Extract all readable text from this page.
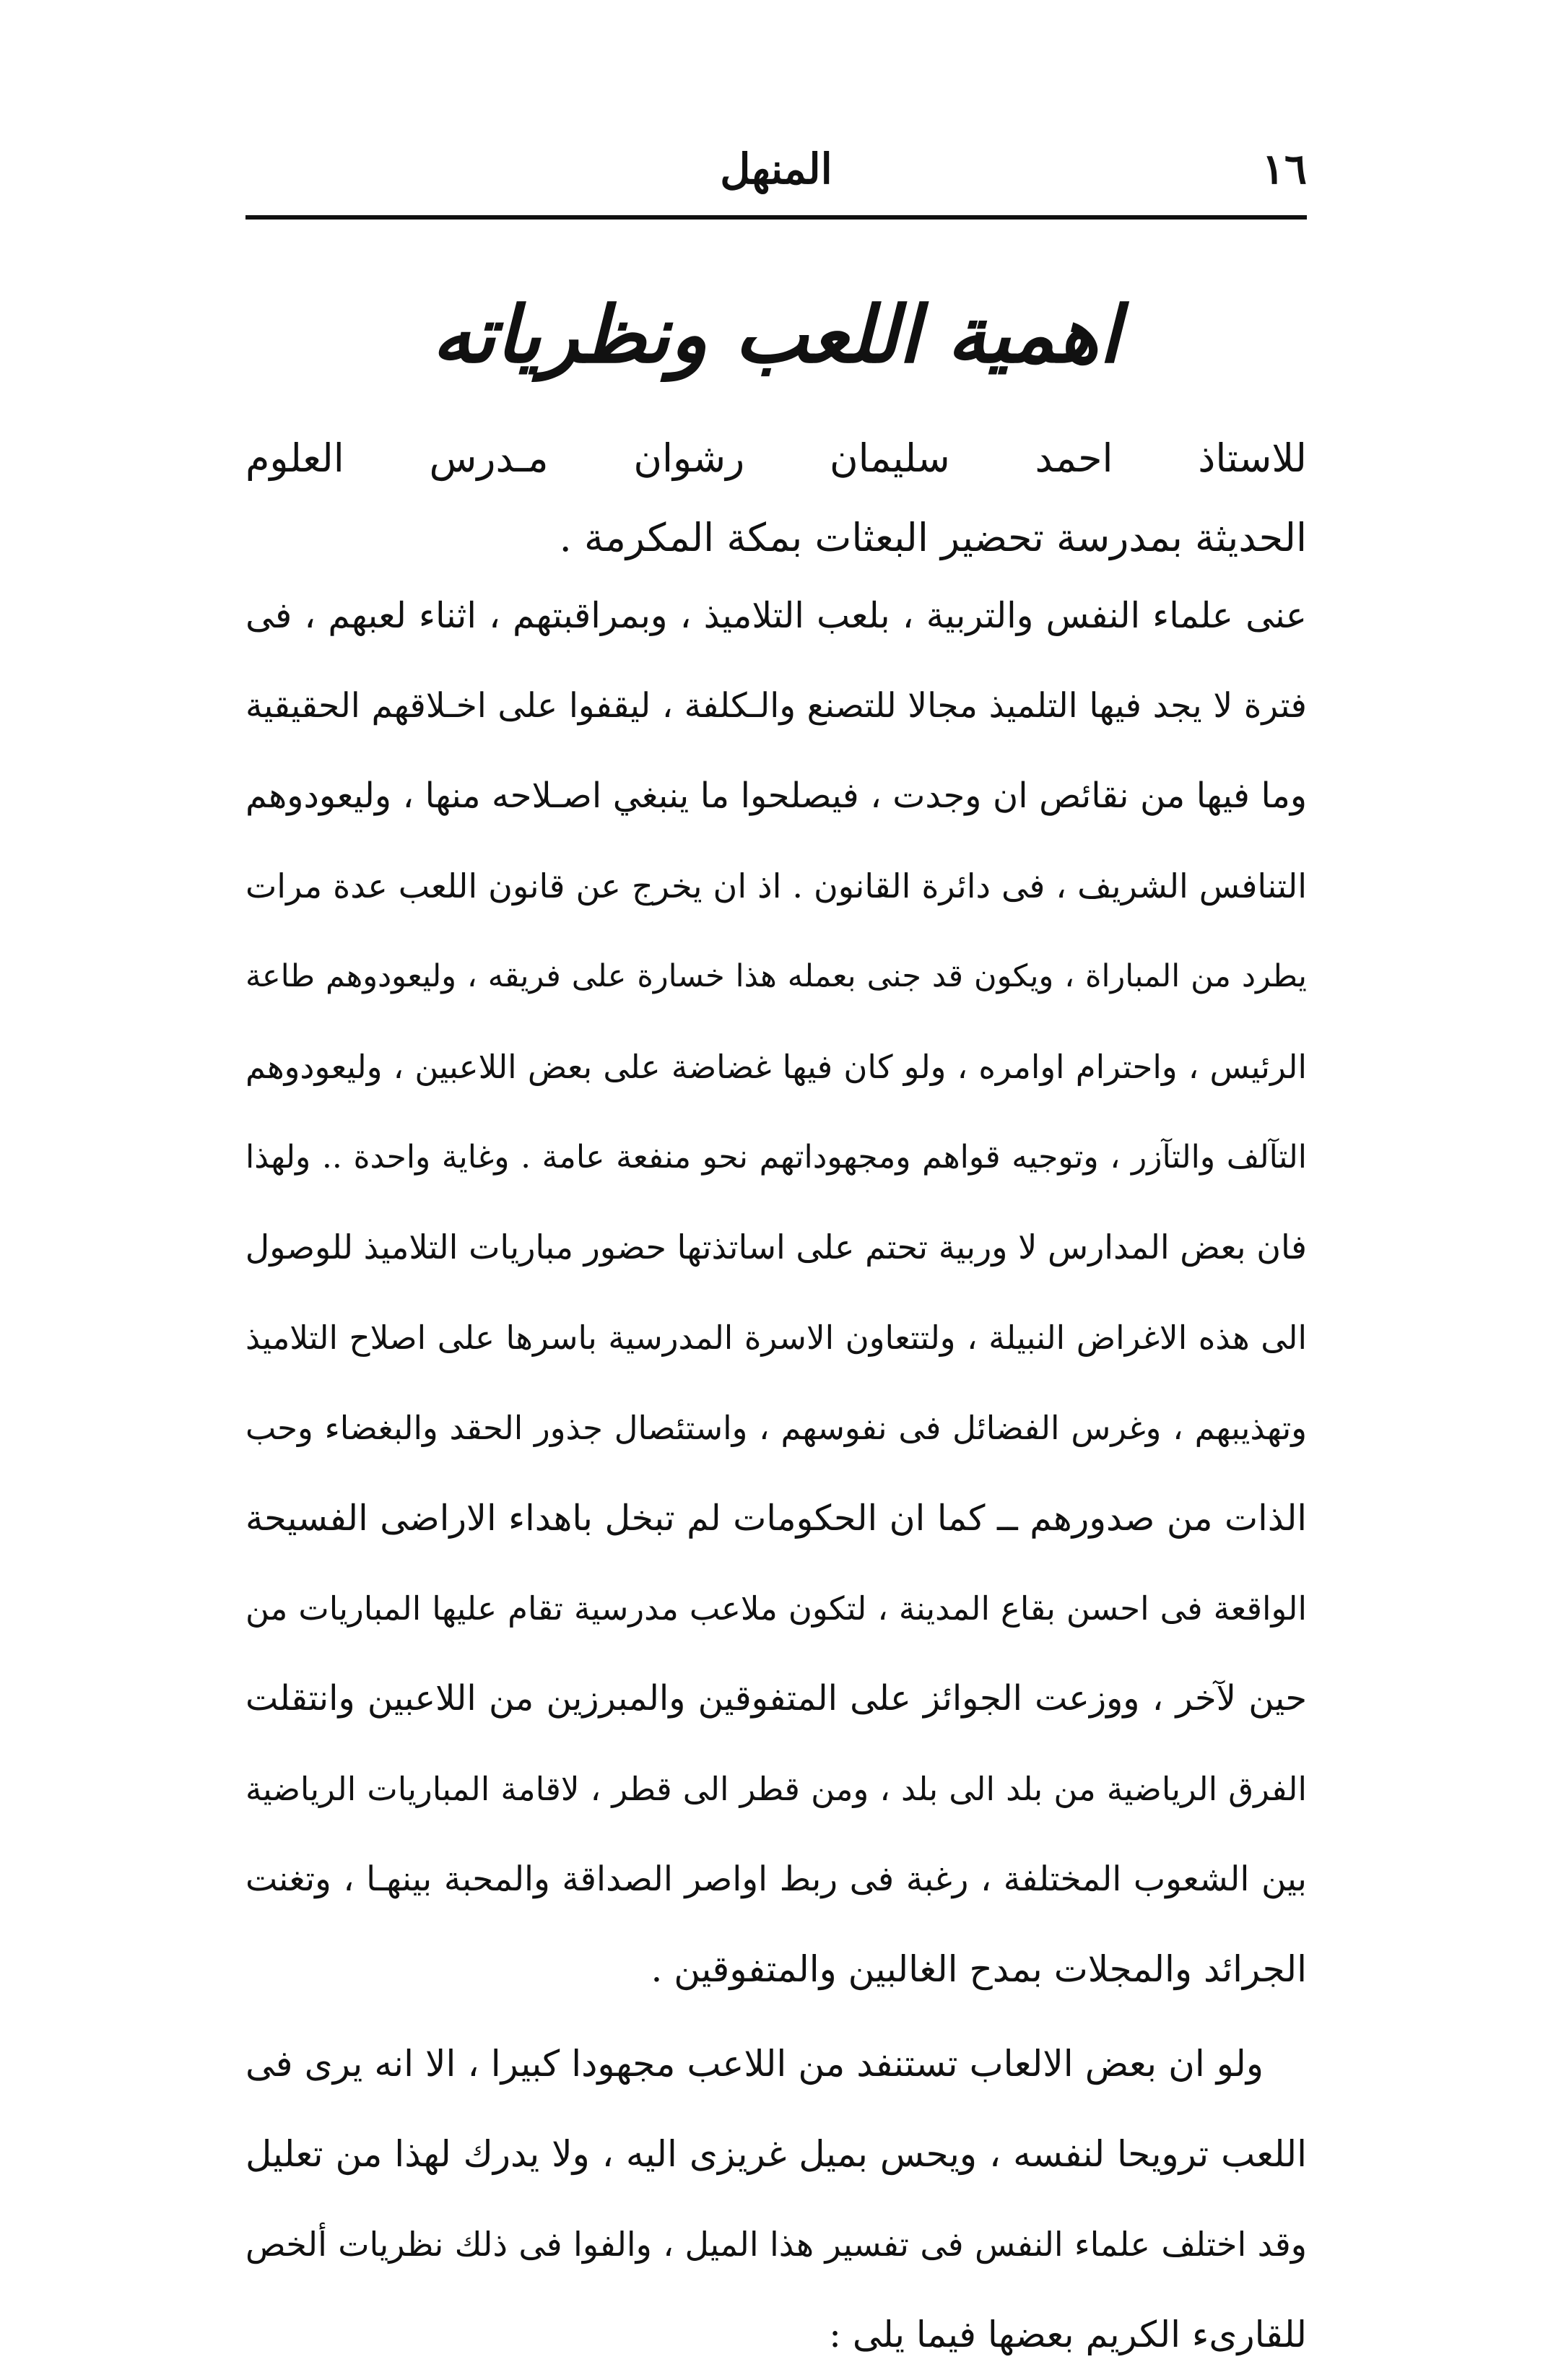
١٦
المنهل
اهمية اللعب ونظرياته
للاستاذ احمد سليمان رشوان مـدرس العلوم
الحديثة بمدرسة تحضير البعثات بمكة المكرمة .
عنى علماء النفس والتربية ، بلعب التلاميذ ، وبمراقبتهم ، اثناء لعبهم ، فى
فترة لا يجد فيها التلميذ مجالا للتصنع والـكلفة ، ليقفوا على اخـلاقهم الحقيقية
وما فيها من نقائص ان وجدت ، فيصلحوا ما ينبغي اصـلاحه منها ، وليعودوهم
التنافس الشريف ، فى دائرة القانون . اذ ان يخرج عن قانون اللعب عدة مرات
يطرد من المباراة ، ويكون قد جنى بعمله هذا خسارة على فريقه ، وليعودوهم طاعة
الرئيس ، واحترام اوامره ، ولو كان فيها غضاضة على بعض اللاعبين ، وليعودوهم
التآلف والتآزر ، وتوجيه قواهم ومجهوداتهم نحو منفعة عامة . وغاية واحدة .. ولهذا
فان بعض المدارس لا وربية تحتم على اساتذتها حضور مباريات التلاميذ للوصول
الى هذه الاغراض النبيلة ، ولتتعاون الاسرة المدرسية باسرها على اصلاح التلاميذ
وتهذيبهم ، وغرس الفضائل فى نفوسهم ، واستئصال جذور الحقد والبغضاء وحب
الذات من صدورهم ــ كما ان الحكومات لم تبخل باهداء الاراضى الفسيحة
الواقعة فى احسن بقاع المدينة ، لتكون ملاعب مدرسية تقام عليها المباريات من
حين لآخر ، ووزعت الجوائز على المتفوقين والمبرزين من اللاعبين وانتقلت
الفرق الرياضية من بلد الى بلد ، ومن قطر الى قطر ، لاقامة المباريات الرياضية
بين الشعوب المختلفة ، رغبة فى ربط اواصر الصداقة والمحبة بينهـا ، وتغنت
الجرائد والمجلات بمدح الغالبين والمتفوقين .
ولو ان بعض الالعاب تستنفد من اللاعب مجهودا كبيرا ، الا انه يرى فى
اللعب ترويحا لنفسه ، ويحس بميل غريزى اليه ، ولا يدرك لهذا من تعليل
وقد اختلف علماء النفس فى تفسير هذا الميل ، والفوا فى ذلك نظريات ألخص
للقارىء الكريم بعضها فيما يلى :
